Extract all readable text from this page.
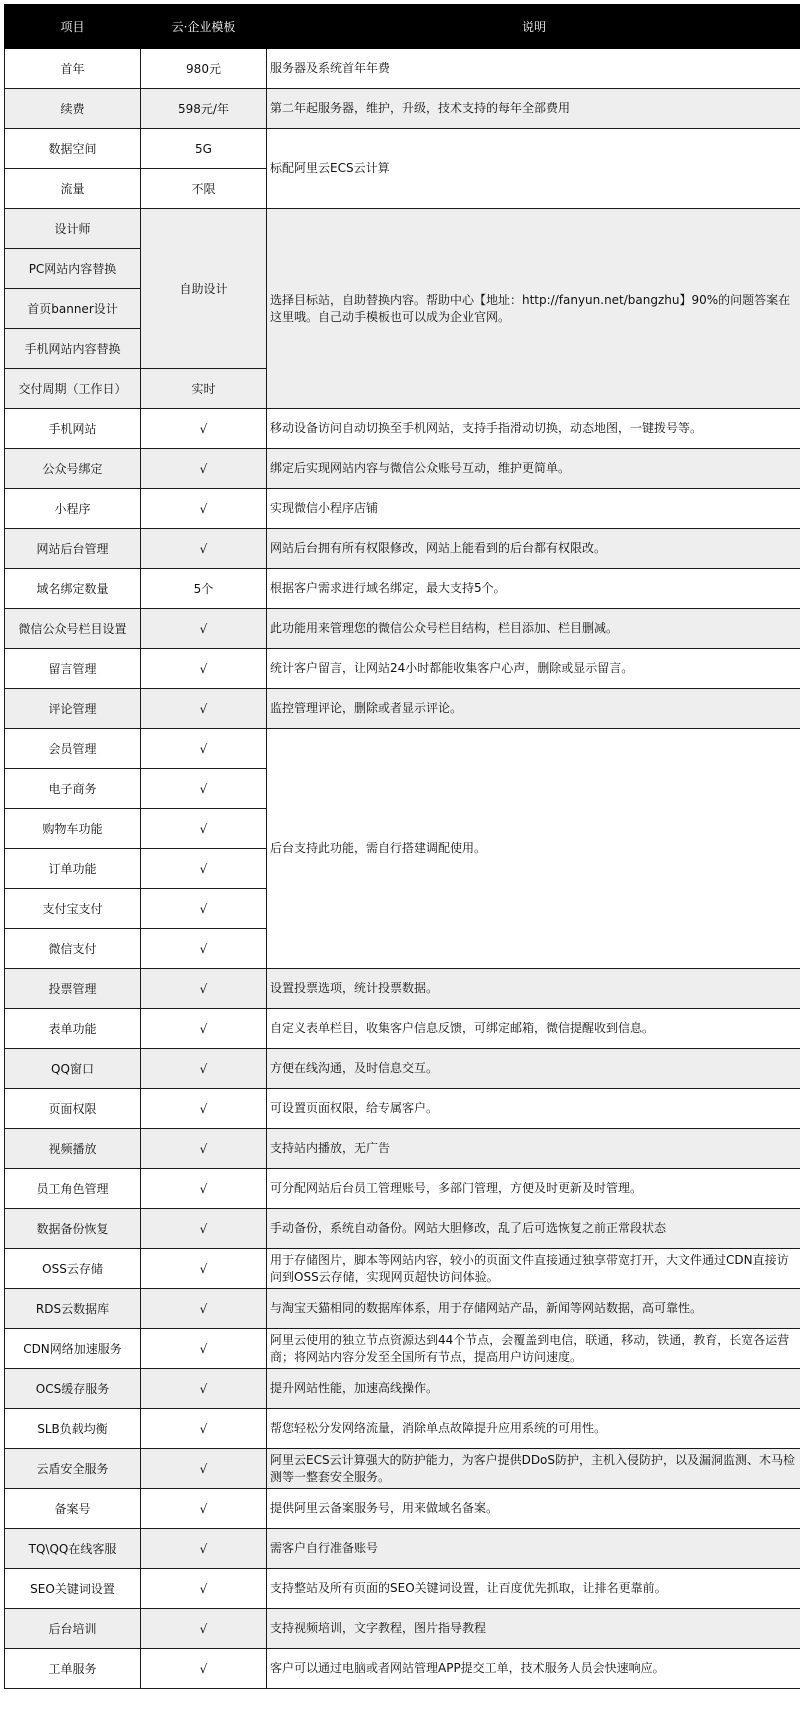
项目	云·企业模板	说明
首年	980元	服务器及系统首年年费
续费	598元/年	第二年起服务器，维护，升级，技术支持的每年全部费用
数据空间	5G	标配阿里云ECS云计算
流量	不限	
设计师	自助设计	选择目标站，自助替换内容。帮助中心【地址：http://fanyun.net/bangzhu】90%的问题答案在这里哦。自己动手模板也可以成为企业官网。
PC网站内容替换		
首页banner设计		
手机网站内容替换		
交付周期（工作日）	实时	
手机网站	√	移动设备访问自动切换至手机网站，支持手指滑动切换，动态地图，一键拨号等。
公众号绑定	√	绑定后实现网站内容与微信公众账号互动，维护更简单。
小程序	√	实现微信小程序店铺
网站后台管理	√	网站后台拥有所有权限修改，网站上能看到的后台都有权限改。
域名绑定数量	5个	根据客户需求进行域名绑定，最大支持5个。
微信公众号栏目设置	√	此功能用来管理您的微信公众号栏目结构，栏目添加、栏目删减。
留言管理	√	统计客户留言，让网站24小时都能收集客户心声，删除或显示留言。
评论管理	√	监控管理评论，删除或者显示评论。
会员管理	√	后台支持此功能，需自行搭建调配使用。
电子商务	√	
购物车功能	√	
订单功能	√	
支付宝支付	√	
微信支付	√	
投票管理	√	设置投票选项，统计投票数据。
表单功能	√	自定义表单栏目，收集客户信息反馈，可绑定邮箱，微信提醒收到信息。
QQ窗口	√	方便在线沟通，及时信息交互。
页面权限	√	可设置页面权限，给专属客户。
视频播放	√	支持站内播放，无广告
员工角色管理	√	可分配网站后台员工管理账号，多部门管理，方便及时更新及时管理。
数据备份恢复	√	手动备份，系统自动备份。网站大胆修改，乱了后可选恢复之前正常段状态
OSS云存储	√	用于存储图片，脚本等网站内容，较小的页面文件直接通过独享带宽打开，大文件通过CDN直接访问到OSS云存储，实现网页超快访问体验。
RDS云数据库	√	与淘宝天猫相同的数据库体系，用于存储网站产品，新闻等网站数据，高可靠性。
CDN网络加速服务	√	阿里云使用的独立节点资源达到44个节点，会覆盖到电信，联通，移动，铁通，教育，长宽各运营商；将网站内容分发至全国所有节点，提高用户访问速度。
OCS缓存服务	√	提升网站性能，加速高线操作。
SLB负载均衡	√	帮您轻松分发网络流量，消除单点故障提升应用系统的可用性。
云盾安全服务	√	阿里云ECS云计算强大的防护能力，为客户提供DDoS防护，主机入侵防护，以及漏洞监测、木马检测等一整套安全服务。
备案号	√	提供阿里云备案服务号，用来做域名备案。
TQ\QQ在线客服	√	需客户自行准备账号
SEO关键词设置	√	支持整站及所有页面的SEO关键词设置，让百度优先抓取，让排名更靠前。
后台培训	√	支持视频培训，文字教程，图片指导教程
工单服务	√	客户可以通过电脑或者网站管理APP提交工单，技术服务人员会快速响应。
